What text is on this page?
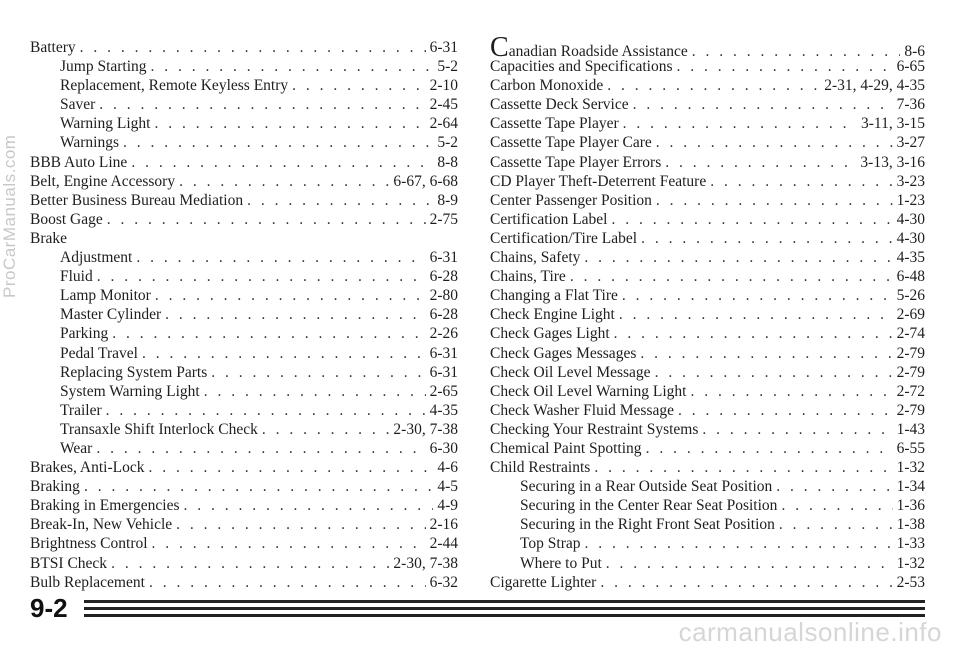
Battery . . .	6-31
Jump Starting . . .	5-2
Replacement, Remote Keyless Entry . . .	2-10
Saver . . .	2-45
Warning Light . . .	2-64
Warnings . . .	5-2
BBB Auto Line . . .	8-8
Belt, Engine Accessory . . .	6-67, 6-68
Better Business Bureau Mediation . . .	8-9
Boost Gage . . .	2-75
Brake
Adjustment . . .	6-31
Fluid . . .	6-28
Lamp Monitor . . .	2-80
Master Cylinder . . .	6-28
Parking . . .	2-26
Pedal Travel . . .	6-31
Replacing System Parts . . .	6-31
System Warning Light . . .	2-65
Trailer . . .	4-35
Transaxle Shift Interlock Check . . .	2-30, 7-38
Wear . . .	6-30
Brakes, Anti-Lock . . .	4-6
Braking . . .	4-5
Braking in Emergencies . . .	4-9
Break-In, New Vehicle . . .	2-16
Brightness Control . . .	2-44
BTSI Check . . .	2-30, 7-38
Bulb Replacement . . .	6-32
Canadian Roadside Assistance . . .	8-6
Capacities and Specifications . . .	6-65
Carbon Monoxide . . .	2-31, 4-29, 4-35
Cassette Deck Service . . .	7-36
Cassette Tape Player . . .	3-11, 3-15
Cassette Tape Player Care . . .	3-27
Cassette Tape Player Errors . . .	3-13, 3-16
CD Player Theft-Deterrent Feature . . .	3-23
Center Passenger Position . . .	1-23
Certification Label . . .	4-30
Certification/Tire Label . . .	4-30
Chains, Safety . . .	4-35
Chains, Tire . . .	6-48
Changing a Flat Tire . . .	5-26
Check Engine Light . . .	2-69
Check Gages Light . . .	2-74
Check Gages Messages . . .	2-79
Check Oil Level Message . . .	2-79
Check Oil Level Warning Light . . .	2-72
Check Washer Fluid Message . . .	2-79
Checking Your Restraint Systems . . .	1-43
Chemical Paint Spotting . . .	6-55
Child Restraints . . .	1-32
Securing in a Rear Outside Seat Position . . .	1-34
Securing in the Center Rear Seat Position . . .	1-36
Securing in the Right Front Seat Position . . .	1-38
Top Strap . . .	1-33
Where to Put . . .	1-32
Cigarette Lighter . . .	2-53
9-2
ProCarManuals.com
carmanualsonline.info
